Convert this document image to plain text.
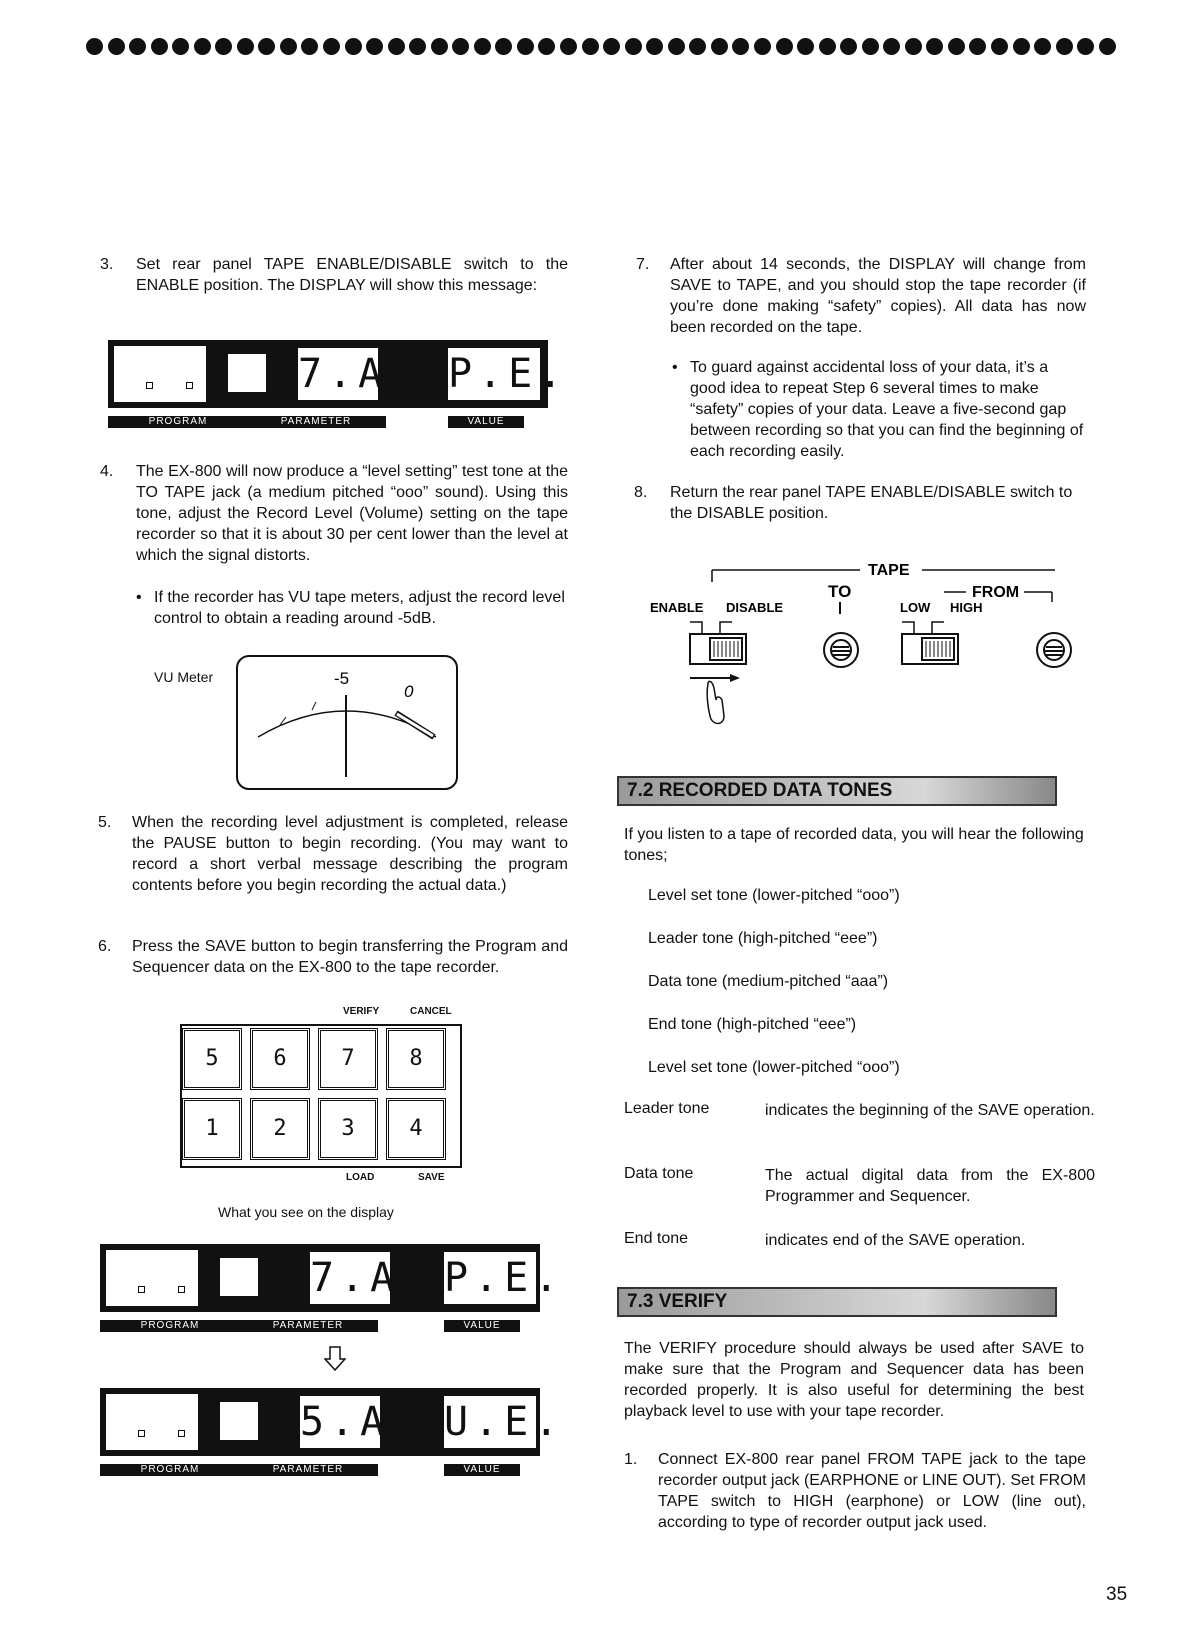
3. Set rear panel TAPE ENABLE/DISABLE switch to the ENABLE position. The DISPLAY will show this message:

7.A. P.E.
PROGRAM	PARAMETER	VALUE

4. The EX-800 will now produce a “level setting” test tone at the TO TAPE jack (a medium pitched “ooo” sound). Using this tone, adjust the Record Level (Volume) setting on the tape recorder so that it is about 30 per cent lower than the level at which the signal distorts.

• If the recorder has VU tape meters, adjust the record level control to obtain a reading around -5dB.

VU Meter	-5
0

5. When the recording level adjustment is completed, release the PAUSE button to begin recording. (You may want to record a short verbal message describing the program contents before you begin recording the actual data.)

6. Press the SAVE button to begin transferring the Program and Sequencer data on the EX-800 to the tape recorder.

VERIFY	CANCEL
5	6	7	8
1	2	3	4
LOAD	SAVE
What you see on the display
7.A. P.E.
PROGRAM	PARAMETER	VALUE
5.A. U.E.
PROGRAM	PARAMETER	VALUE

7. After about 14 seconds, the DISPLAY will change from SAVE to TAPE, and you should stop the tape recorder (if you’re done making “safety” copies). All data has now been recorded on the tape.

• To guard against accidental loss of your data, it’s a good idea to repeat Step 6 several times to make “safety” copies of your data. Leave a five-second gap between recording so that you can find the beginning of each recording easily.

8. Return the rear panel TAPE ENABLE/DISABLE switch to the DISABLE position.

TAPE
TO	FROM
ENABLE DISABLE	LOW HIGH
7.2 RECORDED DATA TONES
If you listen to a tape of recorded data, you will hear the following tones;
Level set tone (lower-pitched “ooo”)
Leader tone (high-pitched “eee”)
Data tone (medium-pitched “aaa”)
End tone (high-pitched “eee”)
Level set tone (lower-pitched “ooo”)
Leader tone	indicates the beginning of the SAVE operation.
Data tone	The actual digital data from the EX-800 Programmer and Sequencer.
End tone	indicates end of the SAVE operation.
7.3 VERIFY
The VERIFY procedure should always be used after SAVE to make sure that the Program and Sequencer data has been recorded properly. It is also useful for determining the best playback level to use with your tape recorder.

1. Connect EX-800 rear panel FROM TAPE jack to the tape recorder output jack (EARPHONE or LINE OUT). Set FROM TAPE switch to HIGH (earphone) or LOW (line out), according to type of recorder output jack used.

35
